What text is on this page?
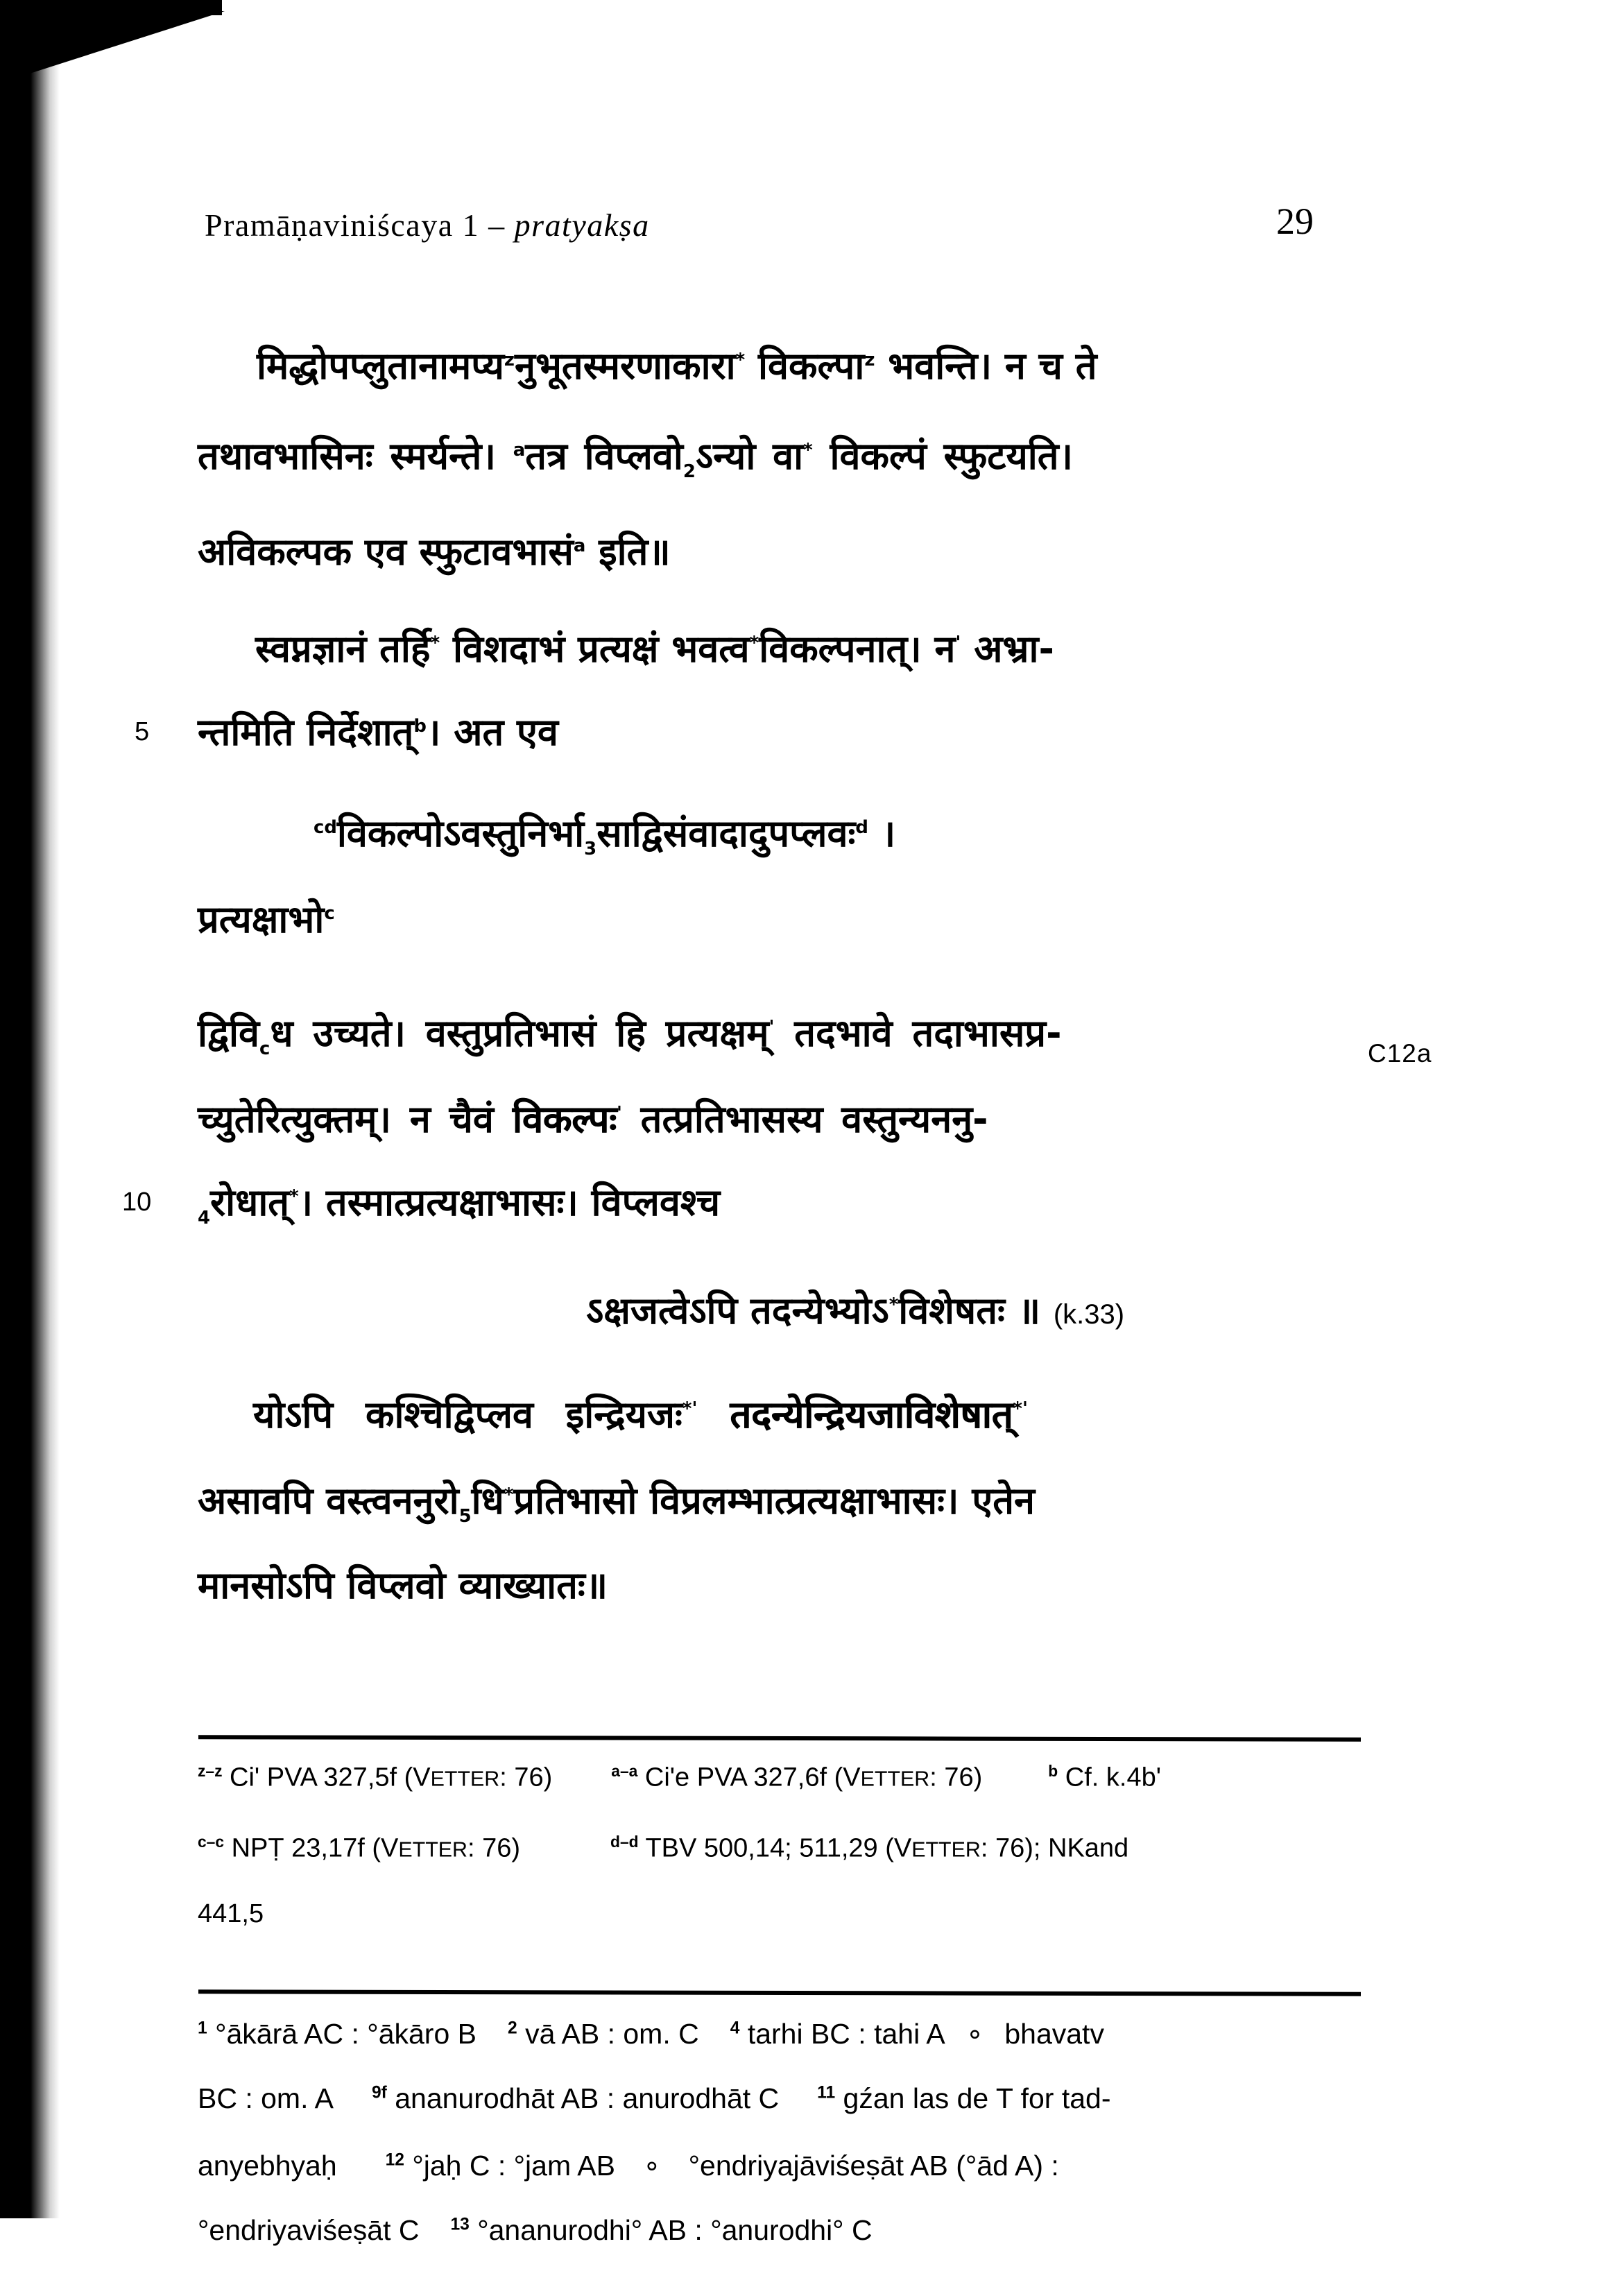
Pramāṇaviniścaya 1 – pratyakṣa	29
5
10
C12a
मिद्धोपप्लुतानामप्य$^z$नुभूतस्मरणाकारा* विकल्पा$^z$ भवन्ति। न च ते
तथावभासिनः स्मर्यन्ते। $^a$तत्र $विप्लवो_2ऽन्यो$ वा* विकल्पं स्फुटयति।
अविकल्पक एव स्फुटावभासं$^a$ इति॥
स्वप्नज्ञानं तर्हि* विशदाभं प्रत्यक्षं भवत्व*विकल्पनात्। न' अभ्रा-
न्तमिति निर्देशात्$^b$। अत एव
$^{cd}विकल्पोऽवस्तुनिर्भा_3साद्विसंवादादुपप्लवः^d$ ।
प्रत्यक्षाभो$^c$
$द्विवि_cध$ उच्यते। वस्तुप्रतिभासं हि प्रत्यक्षम्' तदभावे तदाभासप्र-
च्युतेरित्युक्तम्। न चैवं विकल्पः' तत्प्रतिभासस्य वस्तुन्यननु-
$_4$रोधात्*। तस्मात्प्रत्यक्षाभासः। विप्लवश्च
ऽक्षजत्वेऽपि तदन्येभ्योऽ*विशेषतः ॥ (k.33)
योऽपि कश्चिद्विप्लव इन्द्रियजः*' तदन्येन्द्रियजाविशेषात्*'
असावपि $वस्त्वननुरो_5धि^*प्रतिभासो$ विप्रलम्भात्प्रत्यक्षाभासः। एतेन
मानसोऽपि विप्लवो व्याख्यातः॥
$^{z-z}$ Ci' PVA 327,5f (VETTER: 76)	$^{a-a}$ Ci'e PVA 327,6f (VETTER: 76)	$^b$ Cf. k.4b'
$^{c-c}$ NPṬ 23,17f (VETTER: 76)	$^{d-d}$ TBV 500,14; 511,29 (VETTER: 76); NKand
441,5
$^1$ °ākārā AC : °ākāro B $^2$ vā AB : om. C $^4$ tarhi BC : tahi A ∘ bhavatv
BC : om. A $^{9f}$ ananurodhāt AB : anurodhāt C $^{11}$ gźan las de T for tad-
anyebhyaḥ	$^{12}$ °jaḥ C : °jam AB ∘ °endriyajāviśeṣāt AB (°ād A) :
°endriyaviśeṣāt C $^{13}$ °ananurodhi° AB : °anurodhi° C
